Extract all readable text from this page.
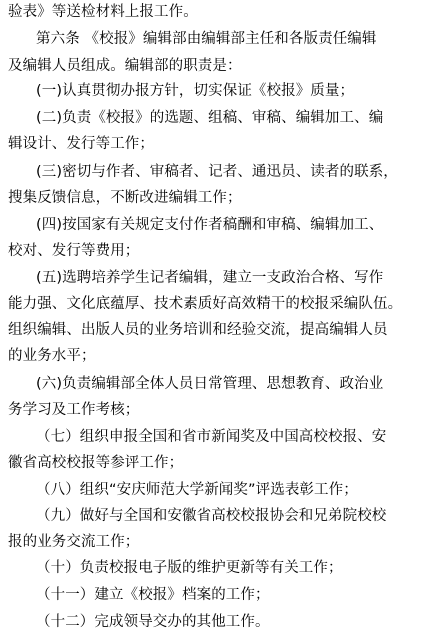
验表》等送检材料上报工作。
第六条 《校报》编辑部由编辑部主任和各版责任编辑
及编辑人员组成。编辑部的职责是：
(一)认真贯彻办报方针，切实保证《校报》质量；
(二)负责《校报》的选题、组稿、审稿、编辑加工、编
辑设计、发行等工作；
(三)密切与作者、审稿者、记者、通迅员、读者的联系，
搜集反馈信息，不断改进编辑工作；
(四)按国家有关规定支付作者稿酬和审稿、编辑加工、
校对、发行等费用；
(五)选聘培养学生记者编辑，建立一支政治合格、写作
能力强、文化底蕴厚、技术素质好高效精干的校报采编队伍。
组织编辑、出版人员的业务培训和经验交流，提高编辑人员
的业务水平；
(六)负责编辑部全体人员日常管理、思想教育、政治业
务学习及工作考核；
（七）组织申报全国和省市新闻奖及中国高校校报、安
徽省高校校报等参评工作；
（八）组织“安庆师范大学新闻奖”评选表彰工作；
（九）做好与全国和安徽省高校校报协会和兄弟院校校
报的业务交流工作；
（十）负责校报电子版的维护更新等有关工作；
（十一）建立《校报》档案的工作；
（十二）完成领导交办的其他工作。
